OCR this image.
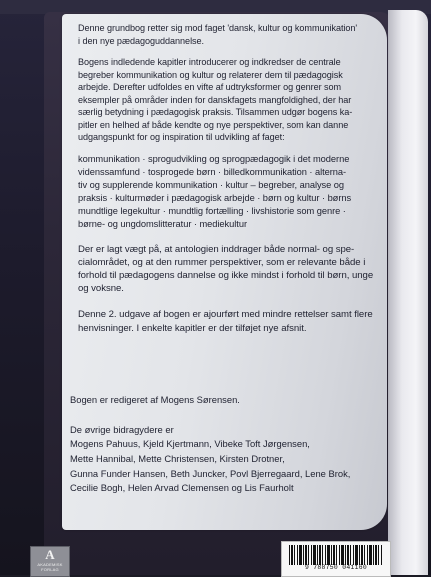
Denne grundbog retter sig mod faget 'dansk, kultur og kommunikation'
i den nye pædagoguddannelse.

Bogens indledende kapitler introducerer og indkredser de centrale
begreber kommunikation og kultur og relaterer dem til pædagogisk
arbejde. Derefter udfoldes en vifte af udtryksformer og genrer som
eksempler på områder inden for danskfagets mangfoldighed, der har
særlig betydning i pædagogisk praksis. Tilsammen udgør bogens ka-
pitler en helhed af både kendte og nye perspektiver, som kan danne
udgangspunkt for og inspiration til udvikling af faget:

kommunikation · sprogudvikling og sprogpædagogik i det moderne
videnssamfund · tosprogede børn · billedkommunikation · alterna-
tiv og supplerende kommunikation · kultur – begreber, analyse og
praksis · kulturmøder i pædagogisk arbejde · børn og kultur · børns
mundtlige legekultur · mundtlig fortælling · livshistorie som genre ·
børne- og ungdomslitteratur · mediekultur

Der er lagt vægt på, at antologien inddrager både normal- og spe-
cialområdet, og at den rummer perspektiver, som er relevante både i
forhold til pædagogens dannelse og ikke mindst i forhold til børn, unge
og voksne.

Denne 2. udgave af bogen er ajourført med mindre rettelser samt flere
henvisninger. I enkelte kapitler er der tilføjet nye afsnit.

Bogen er redigeret af Mogens Sørensen.

De øvrige bidragydere er
Mogens Pahuus, Kjeld Kjertmann, Vibeke Toft Jørgensen,
Mette Hannibal, Mette Christensen, Kirsten Drotner,
Gunna Funder Hansen, Beth Juncker, Povl Bjerregaard, Lene Brok,
Cecilie Bogh, Helen Arvad Clemensen og Lis Faurholt

A
AKADEMISK
FORLAG	9 788750 041160
